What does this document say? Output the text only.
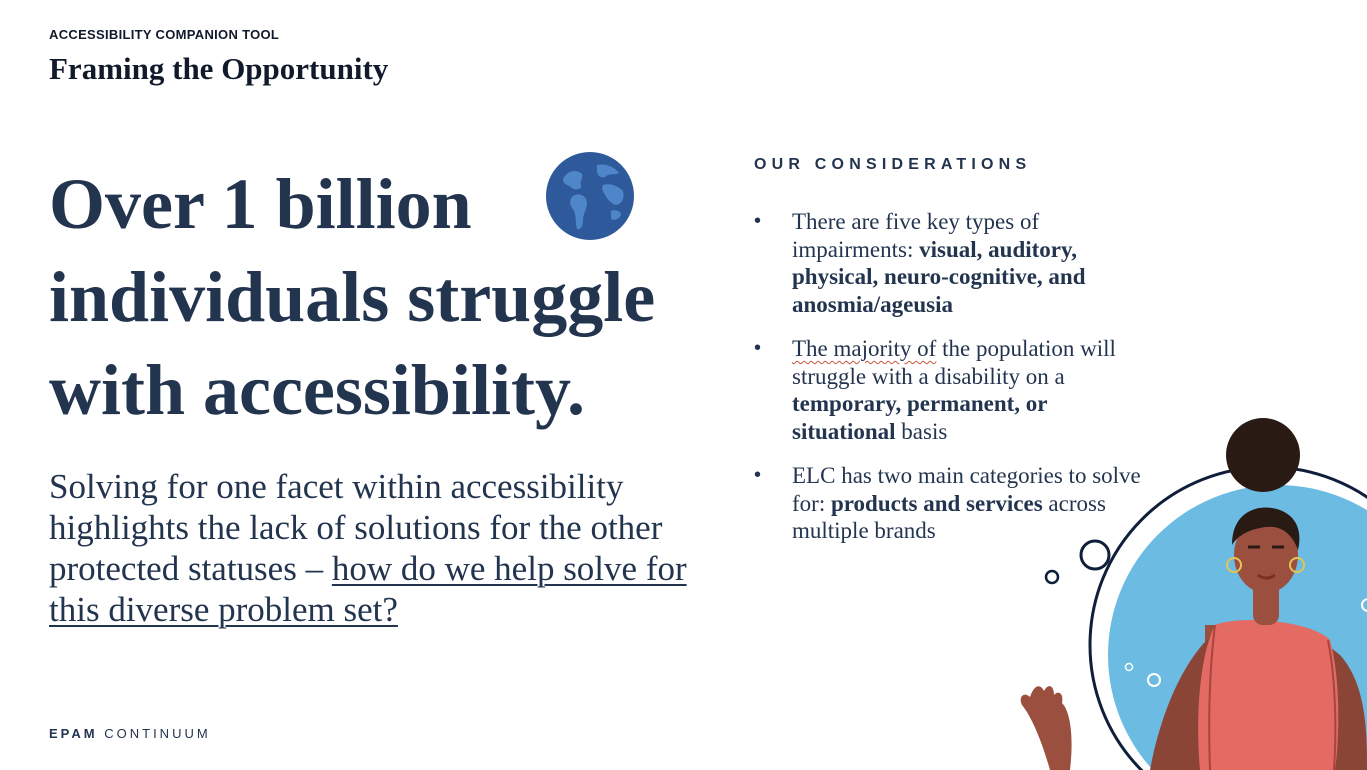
ACCESSIBILITY COMPANION TOOL
Framing the Opportunity
Over 1 billion
individuals struggle
with accessibility.
Solving for one facet within accessibility highlights the lack of solutions for the other protected statuses – how do we help solve for this diverse problem set?
OUR CONSIDERATIONS
• There are five key types of impairments: visual, auditory, physical, neuro-cognitive, and anosmia/ageusia
• The majority of the population will struggle with a disability on a temporary, permanent, or situational basis
• ELC has two main categories to solve for: products and services across multiple brands
EPAM CONTINUUM
